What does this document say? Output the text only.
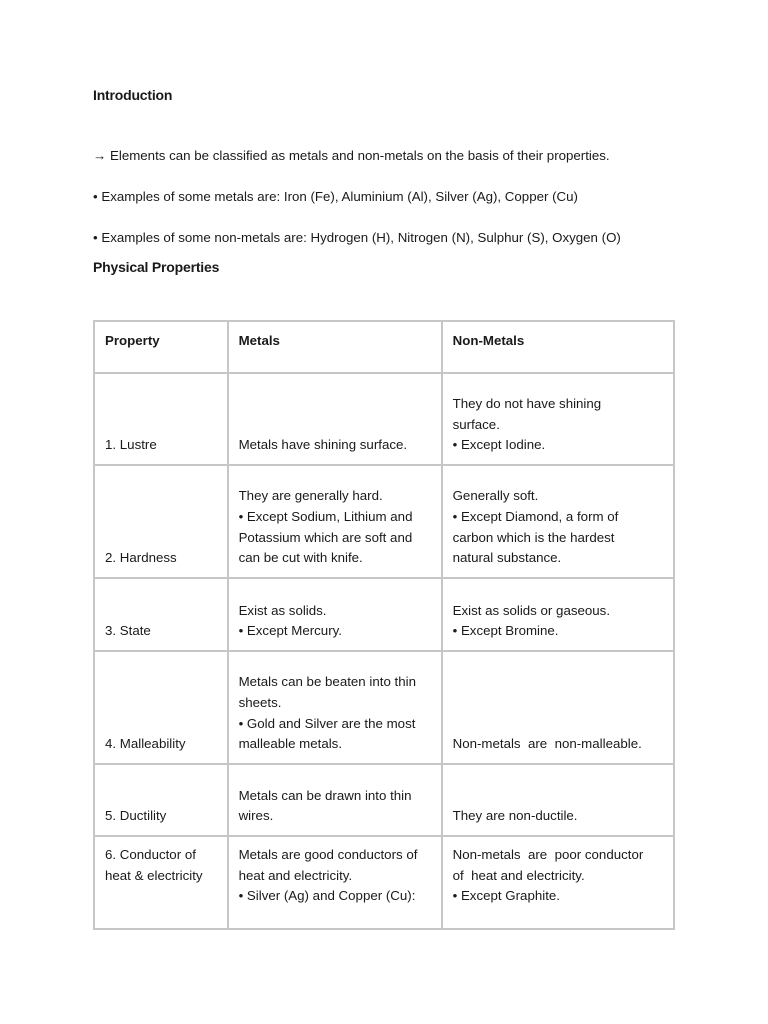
Introduction
→ Elements can be classified as metals and non-metals on the basis of their properties.
• Examples of some metals are: Iron (Fe), Aluminium (Al), Silver (Ag), Copper (Cu)
• Examples of some non-metals are: Hydrogen (H), Nitrogen (N), Sulphur (S), Oxygen (O)
Physical Properties
Property	Metals	Non-Metals

1. Lustre	Metals have shining surface.	They do not have shining
surface.
• Except Iodine.

2. Hardness	They are generally hard.
• Except Sodium, Lithium and
Potassium which are soft and
can be cut with knife.	Generally soft.
• Except Diamond, a form of
carbon which is the hardest
natural substance.

3. State	Exist as solids.
• Except Mercury.	Exist as solids or gaseous.
• Except Bromine.

4. Malleability	Metals can be beaten into thin
sheets.
• Gold and Silver are the most
malleable metals.	Non-metals  are  non-malleable.

5. Ductility	Metals can be drawn into thin
wires.	They are non-ductile.

6. Conductor of
heat & electricity	Metals are good conductors of
heat and electricity.
• Silver (Ag) and Copper (Cu):	Non-metals  are  poor conductor
of  heat and electricity.
• Except Graphite.
